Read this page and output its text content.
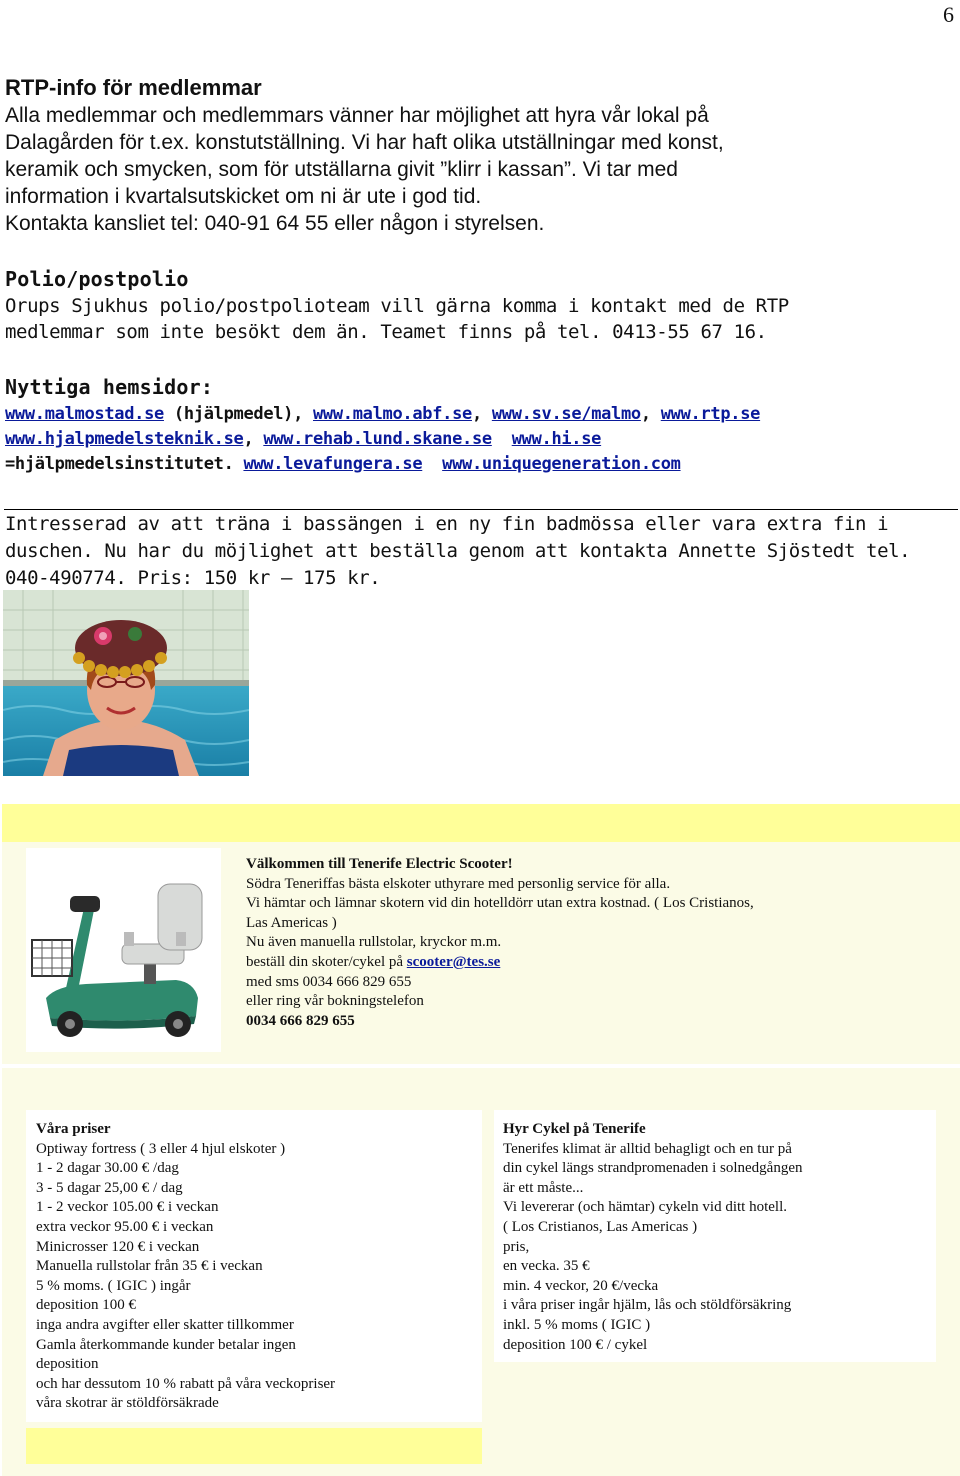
6
RTP-info för medlemmar
Alla medlemmar och medlemmars vänner har möjlighet att hyra vår lokal på
Dalagården för t.ex. konstutställning. Vi har haft olika utställningar med konst,
keramik och smycken, som för utställarna givit ”klirr i kassan”. Vi tar med
information i kvartalsutskicket om ni är ute i god tid.
Kontakta kansliet tel: 040-91 64 55 eller någon i styrelsen.
Polio/postpolio
Orups Sjukhus polio/postpolioteam vill gärna komma i kontakt med de RTP
medlemmar som inte besökt dem än. Teamet finns på tel. 0413-55 67 16.
Nyttiga hemsidor:
www.malmostad.se (hjälpmedel), www.malmo.abf.se, www.sv.se/malmo, www.rtp.se
www.hjalpmedelsteknik.se, www.rehab.lund.skane.se www.hi.se
=hjälpmedelsinstitutet. www.levafungera.se www.uniquegeneration.com
Intresserad av att träna i bassängen i en ny fin badmössa eller vara extra fin i
duschen. Nu har du möjlighet att beställa genom att kontakta Annette Sjöstedt tel.
040-490774. Pris: 150 kr – 175 kr.
Välkommen till Tenerife Electric Scooter!
Södra Teneriffas bästa elskoter uthyrare med personlig service för alla.
Vi hämtar och lämnar skotern vid din hotelldörr utan extra kostnad. ( Los Cristianos,
Las Americas )
Nu även manuella rullstolar, kryckor m.m.
beställ din skoter/cykel på scooter@tes.se
med sms 0034 666 829 655
eller ring vår bokningstelefon
0034 666 829 655
Våra priser
Optiway fortress ( 3 eller 4 hjul elskoter )
1 - 2 dagar 30.00 € /dag
3 - 5 dagar 25,00 € / dag
1 - 2 veckor 105.00 € i veckan
extra veckor 95.00 € i veckan
Minicrosser 120 € i veckan
Manuella rullstolar från 35 € i veckan
5 % moms. ( IGIC ) ingår
deposition 100 €
inga andra avgifter eller skatter tillkommer
Gamla återkommande kunder betalar ingen
deposition
och har dessutom 10 % rabatt på våra veckopriser
våra skotrar är stöldförsäkrade
Hyr Cykel på Tenerife
Tenerifes klimat är alltid behagligt och en tur på
din cykel längs strandpromenaden i solnedgången
är ett måste...
Vi levererar (och hämtar) cykeln vid ditt hotell.
( Los Cristianos, Las Americas )
pris,
en vecka. 35 €
min. 4 veckor, 20 €/vecka
i våra priser ingår hjälm, lås och stöldförsäkring
inkl. 5 % moms ( IGIC )
deposition 100 € / cykel
